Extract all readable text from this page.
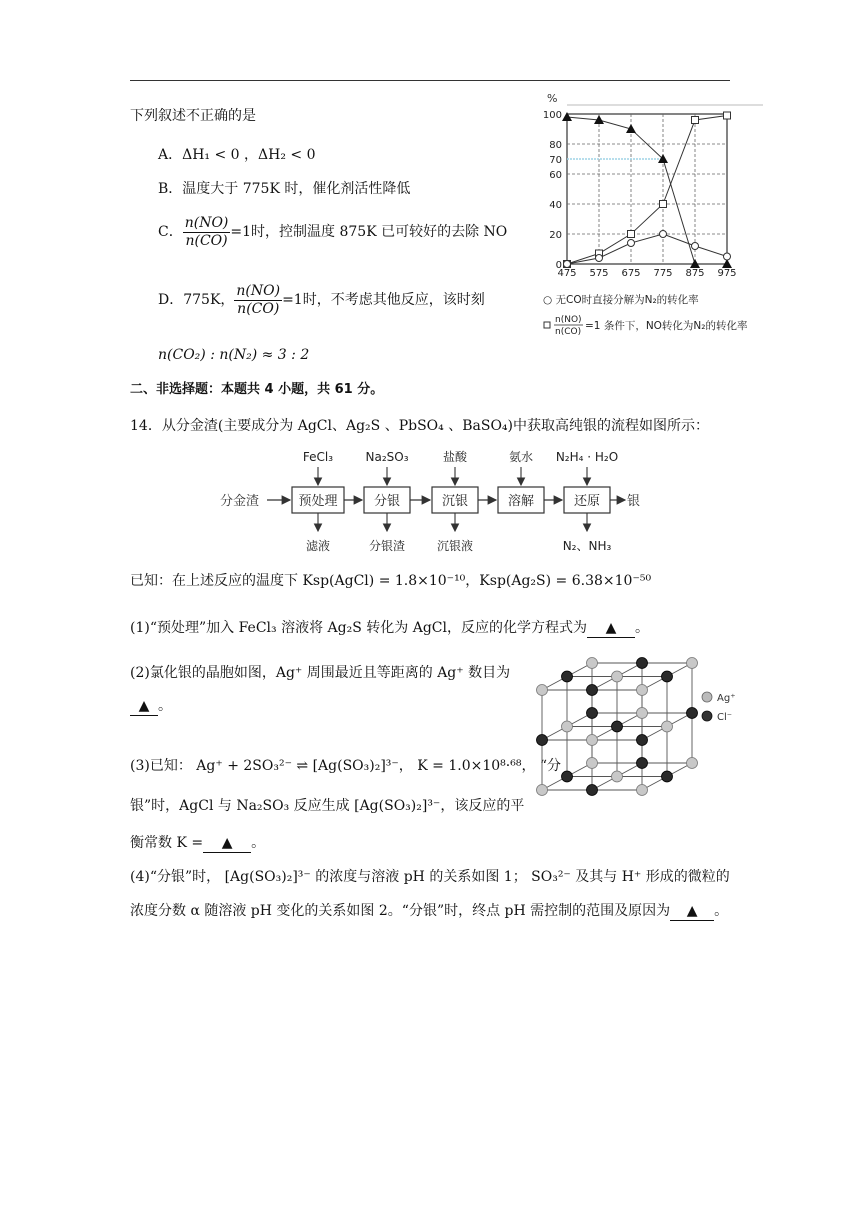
下列叙述不正确的是
A．ΔH₁ < 0 ，ΔH₂ < 0
B．温度大于 775K 时，催化剂活性降低
C． $\frac{n(NO)}{n(CO)} =1$时，控制温度 875K 已可较好的去除 NO
D．775K， $\frac{n(NO)}{n(CO)} =1$时，不考虑其他反应，该时刻
n(CO₂) : n(N₂) ≈ 3 : 2
%
0
20
40
60
70
80
100
475 575 675 775 875 975
○ 无CO时直接分解为N₂的转化率
n(NO)
n(CO) =1 条件下，NO转化为N₂的转化率
二、非选择题：本题共 4 小题，共 61 分。
14．从分金渣(主要成分为 AgCl、Ag₂S 、PbSO₄ 、BaSO₄)中获取高纯银的流程如图所示：
分金渣	预处理	分银	沉银	溶解	还原 银
FeCl₃	Na₂SO₃	盐酸	氨水 N₂H₄ · H₂O
滤液	分银渣	沉银液	N₂、NH₃
已知：在上述反应的温度下 Ksp(AgCl) = 1.8×10⁻¹⁰，Ksp(Ag₂S) = 6.38×10⁻⁵⁰
(1)“预处理”加入 FeCl₃ 溶液将 Ag₂S 转化为 AgCl，反应的化学方程式为 ▲ 。
(2)氯化银的晶胞如图，Ag⁺ 周围最近且等距离的 Ag⁺ 数目为
▲ 。
(3)已知： Ag⁺ + 2SO₃²⁻ ⇌ [Ag(SO₃)₂]³⁻， K = 1.0×10⁸·⁶⁸， “分
银”时，AgCl 与 Na₂SO₃ 反应生成 [Ag(SO₃)₂]³⁻，该反应的平
衡常数 K = ▲ 。
(4)“分银”时， [Ag(SO₃)₂]³⁻ 的浓度与溶液 pH 的关系如图 1； SO₃²⁻ 及其与 H⁺ 形成的微粒的
浓度分数 α 随溶液 pH 变化的关系如图 2。“分银”时，终点 pH 需控制的范围及原因为 ▲ 。
Ag⁺
Cl⁻
